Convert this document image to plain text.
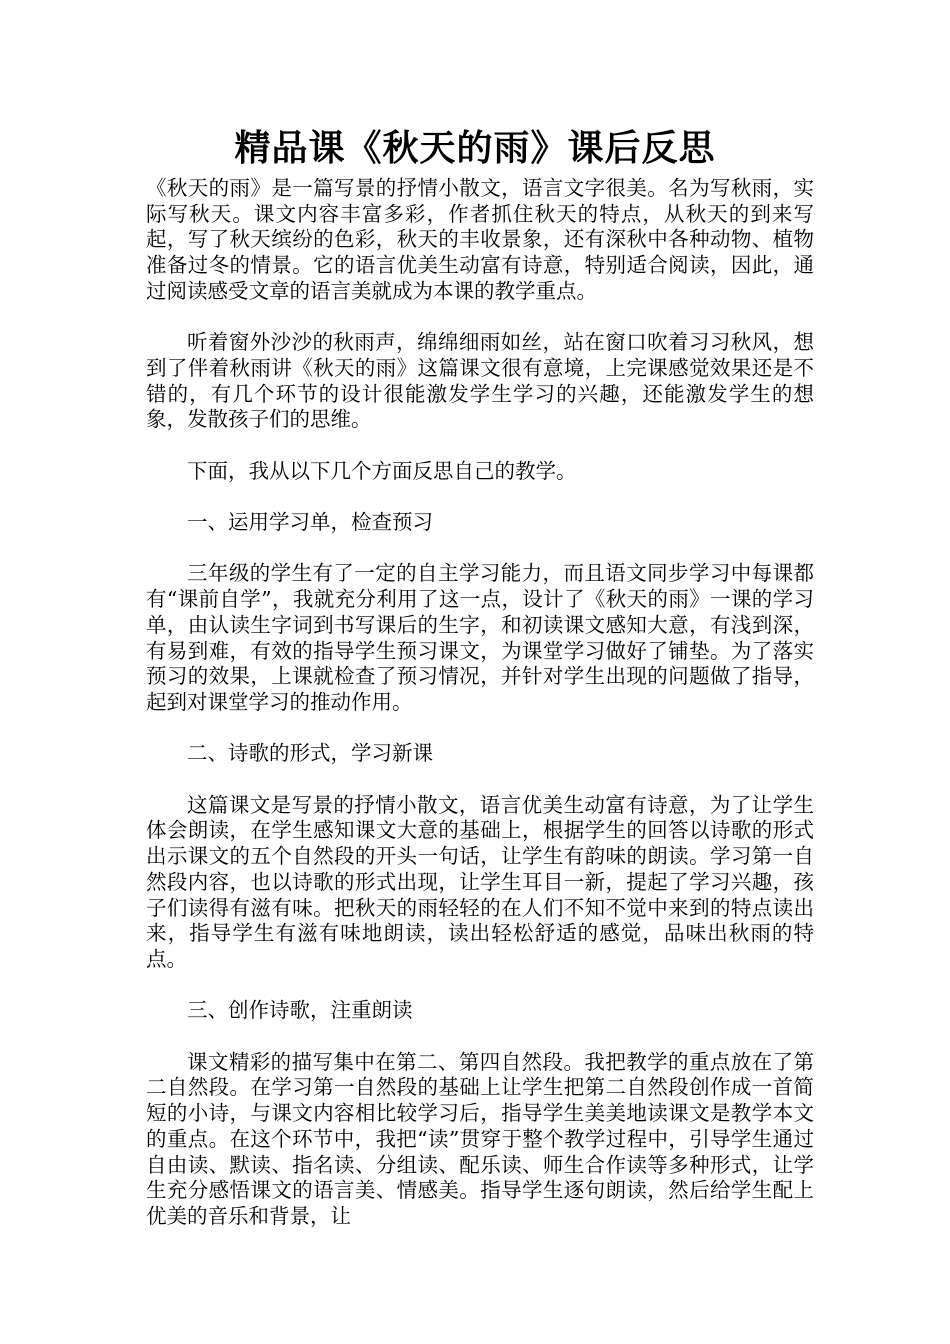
精品课《秋天的雨》课后反思

《秋天的雨》是一篇写景的抒情小散文，语言文字很美。名为写秋雨，实际写秋天。课文内容丰富多彩，作者抓住秋天的特点，从秋天的到来写起，写了秋天缤纷的色彩，秋天的丰收景象，还有深秋中各种动物、植物准备过冬的情景。它的语言优美生动富有诗意，特别适合阅读，因此，通过阅读感受文章的语言美就成为本课的教学重点。

听着窗外沙沙的秋雨声，绵绵细雨如丝，站在窗口吹着习习秋风，想到了伴着秋雨讲《秋天的雨》这篇课文很有意境，上完课感觉效果还是不错的，有几个环节的设计很能激发学生学习的兴趣，还能激发学生的想象，发散孩子们的思维。

下面，我从以下几个方面反思自己的教学。

一、运用学习单，检查预习

三年级的学生有了一定的自主学习能力，而且语文同步学习中每课都有“课前自学”，我就充分利用了这一点，设计了《秋天的雨》一课的学习单，由认读生字词到书写课后的生字，和初读课文感知大意，有浅到深，有易到难，有效的指导学生预习课文，为课堂学习做好了铺垫。为了落实预习的效果，上课就检查了预习情况，并针对学生出现的问题做了指导，起到对课堂学习的推动作用。

二、诗歌的形式，学习新课

这篇课文是写景的抒情小散文，语言优美生动富有诗意，为了让学生体会朗读，在学生感知课文大意的基础上，根据学生的回答以诗歌的形式出示课文的五个自然段的开头一句话，让学生有韵味的朗读。学习第一自然段内容，也以诗歌的形式出现，让学生耳目一新，提起了学习兴趣，孩子们读得有滋有味。把秋天的雨轻轻的在人们不知不觉中来到的特点读出来，指导学生有滋有味地朗读，读出轻松舒适的感觉，品味出秋雨的特点。

三、创作诗歌，注重朗读

课文精彩的描写集中在第二、第四自然段。我把教学的重点放在了第二自然段。在学习第一自然段的基础上让学生把第二自然段创作成一首简短的小诗，与课文内容相比较学习后，指导学生美美地读课文是教学本文的重点。在这个环节中，我把“读”贯穿于整个教学过程中，引导学生通过自由读、默读、指名读、分组读、配乐读、师生合作读等多种形式，让学生充分感悟课文的语言美、情感美。指导学生逐句朗读，然后给学生配上优美的音乐和背景，让
